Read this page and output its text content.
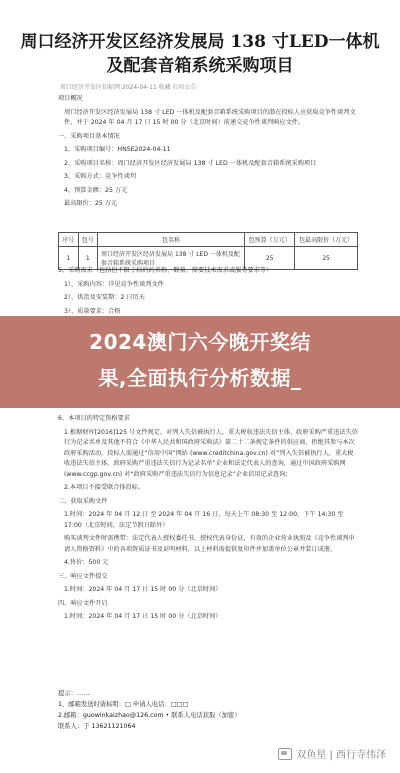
周口经济开发区经济发展局 138 寸LED一体机
及配套音箱系统采购项目
周口经济开发区招标网 2024-04-11 收藏 打印公告

项目概况

周口经济开发区经济发展局 138 寸 LED 一体机及配套音箱系统采购项目的潜在投标人应获取竞争性谈判文件，并于 2024 年 04 月 17 日 15 时 00 分（北京时间）前递交竞争性谈判响应文件。

一、采购项目基本情况

1、采购项目编号：HNSE2024-04-11

2、采购项目名称：周口经济开发区经济发展局 138 寸 LED 一体机及配套音箱系统采购项目

3、采购方式：竞争性谈判

4、预算金额：25 万元

最高限价：25 万元

序号	包号	包名称	包预算（万元）	包最高限价（万元）
1	1	周口经济开发区经济发展局 138 寸 LED 一体机及配套音箱系统采购项目	25	25

5、采购需求（包括但不限于标的的名称、数量、简要技术需求或服务要求等）

1）、采购内容：详见竞争性谈判文件

2）、供货及安装期：2 日历天

3）、质量要求：合格

2024澳门六今晚开奖结
果,全面执行分析数据_

6、本项目的特定资格要求

1.根据财库[2016]125 号文件规定，对列入失信被执行人、重大税收违法失信主体、政府采购严重违法失信行为记录名单及其他不符合《中华人民共和国政府采购法》第二十二条规定条件的供应商，拒绝其参与本次政府采购活动。投标人需通过“信用中国”网站 (www.creditchina.gov.cn) 对“列入失信被执行人、重大税收违法失信主体、政府采购严重违法失信行为记录名单”企业和法定代表人的查询，通过中国政府采购网 (www.ccgp.gov.cn) 对“政府采购严重违法失信行为信息记录”企业信用记录查询；

2.本项目不接受联合体投标。

二、获取采购文件

1.时间：2024 年 04 月 12 日 至 2024 年 04 月 16 日，每天上午 08:30 至 12:00，下午 14:30 至 17:00（北京时间，法定节假日除外）

购买谈判文件时需携带：法定代表人授权委托书、授权代表身份证，有效的企业营业执照及《竞争性谈判申请人资格资料》中的各项资质证书及证明材料，以上材料需提供复印件并加盖单位公章并装订成册。

4.售价：500 元

三、响应文件提交

1.时间：2024 年 04 月 17 日 15 时 00 分（北京时间）

四、响应文件开启

1.时间：2024 年 04 月 17 日 15 时 00 分（北京时间）

提示：……
1、邮箱发送时请标明：□ 申请人电话：□□□
2.邮箱：guowinkaizhao@126.com • 联系人电话获取（加密）
联系人：于 13621121064
双鱼星 | 西行寺伟泽
